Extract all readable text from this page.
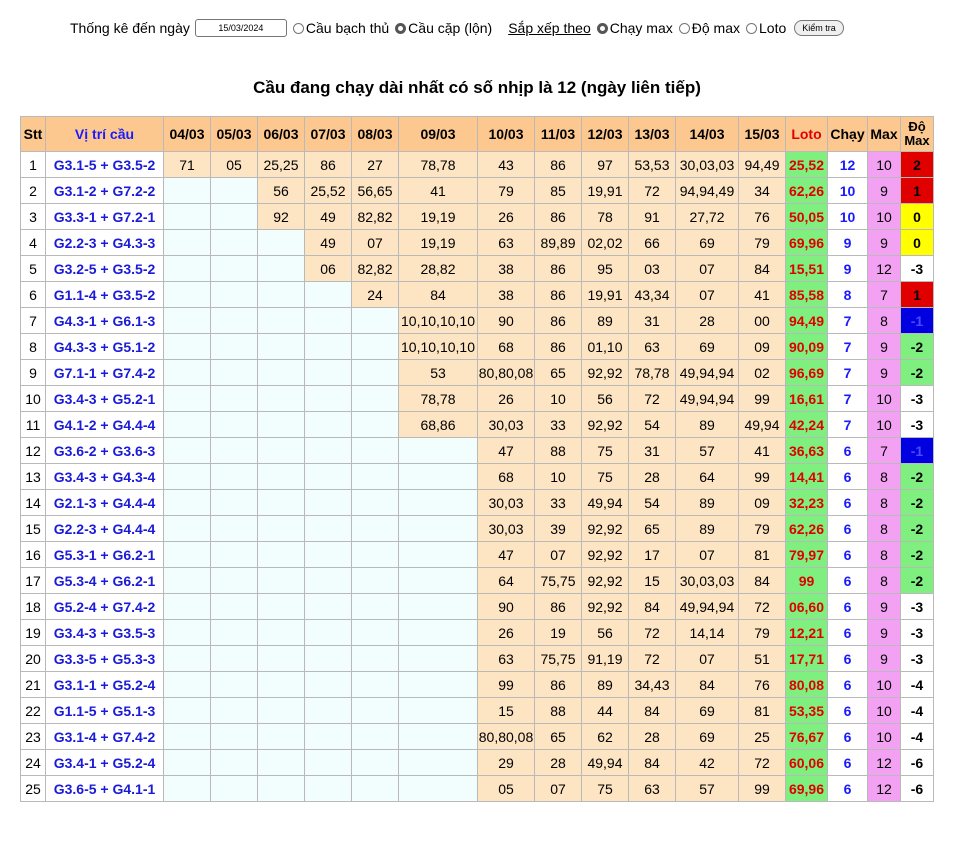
Thống kê đến ngày
15/03/2024	Cầu bạch thủ Cầu cặp (lộn) Sắp xếp theo Chạy max Độ max Loto	Kiểm tra
Cầu đang chạy dài nhất có số nhịp là 12 (ngày liên tiếp)
Stt	Vị trí cầu	04/03	05/03	06/03	07/03	08/03	09/03	10/03	11/03	12/03	13/03	14/03	15/03	Loto	Chạy	Max	Độ
Max
1	G3.1-5 + G3.5-2	71	05	25,25	86	27	78,78	43	86	97	53,53	30,03,03	94,49	25,52	12	10	2
2	G3.1-2 + G7.2-2			56	25,52	56,65	41	79	85	19,91	72	94,94,49	34	62,26	10	9	1
3	G3.3-1 + G7.2-1			92	49	82,82	19,19	26	86	78	91	27,72	76	50,05	10	10	0
4	G2.2-3 + G4.3-3				49	07	19,19	63	89,89	02,02	66	69	79	69,96	9	9	0
5	G3.2-5 + G3.5-2				06	82,82	28,82	38	86	95	03	07	84	15,51	9	12	-3
6	G1.1-4 + G3.5-2					24	84	38	86	19,91	43,34	07	41	85,58	8	7	1
7	G4.3-1 + G6.1-3						10,10,10,10	90	86	89	31	28	00	94,49	7	8	-1
8	G4.3-3 + G5.1-2						10,10,10,10	68	86	01,10	63	69	09	90,09	7	9	-2
9	G7.1-1 + G7.4-2						53	80,80,08	65	92,92	78,78	49,94,94	02	96,69	7	9	-2
10	G3.4-3 + G5.2-1						78,78	26	10	56	72	49,94,94	99	16,61	7	10	-3
11	G4.1-2 + G4.4-4						68,86	30,03	33	92,92	54	89	49,94	42,24	7	10	-3
12	G3.6-2 + G3.6-3							47	88	75	31	57	41	36,63	6	7	-1
13	G3.4-3 + G4.3-4							68	10	75	28	64	99	14,41	6	8	-2
14	G2.1-3 + G4.4-4							30,03	33	49,94	54	89	09	32,23	6	8	-2
15	G2.2-3 + G4.4-4							30,03	39	92,92	65	89	79	62,26	6	8	-2
16	G5.3-1 + G6.2-1							47	07	92,92	17	07	81	79,97	6	8	-2
17	G5.3-4 + G6.2-1							64	75,75	92,92	15	30,03,03	84	99	6	8	-2
18	G5.2-4 + G7.4-2							90	86	92,92	84	49,94,94	72	06,60	6	9	-3
19	G3.4-3 + G3.5-3							26	19	56	72	14,14	79	12,21	6	9	-3
20	G3.3-5 + G5.3-3							63	75,75	91,19	72	07	51	17,71	6	9	-3
21	G3.1-1 + G5.2-4							99	86	89	34,43	84	76	80,08	6	10	-4
22	G1.1-5 + G5.1-3							15	88	44	84	69	81	53,35	6	10	-4
23	G3.1-4 + G7.4-2							80,80,08	65	62	28	69	25	76,67	6	10	-4
24	G3.4-1 + G5.2-4							29	28	49,94	84	42	72	60,06	6	12	-6
25	G3.6-5 + G4.1-1							05	07	75	63	57	99	69,96	6	12	-6
